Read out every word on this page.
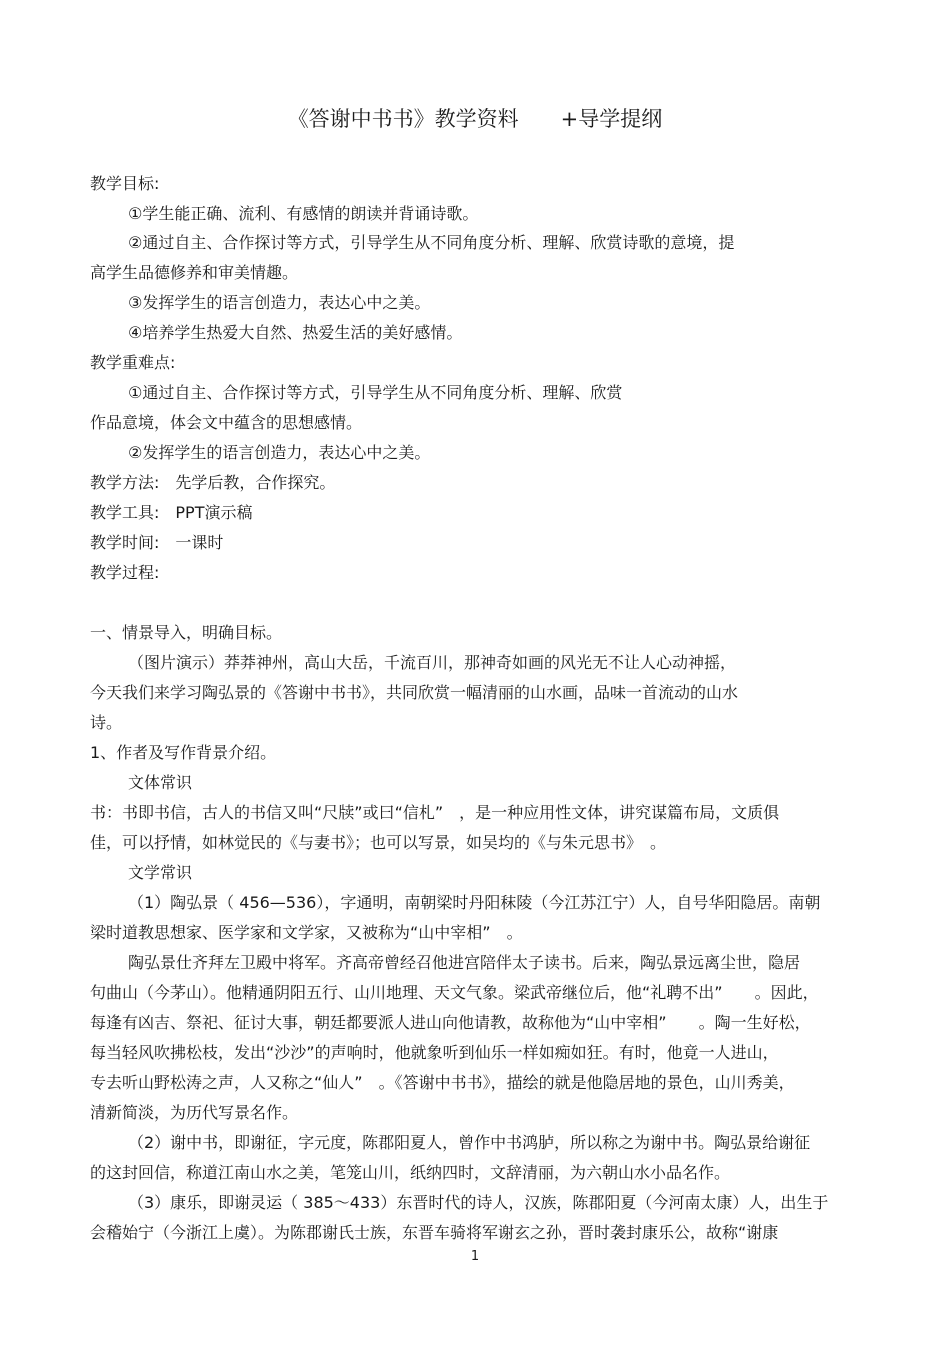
《答谢中书书》教学资料　　+导学提纲
教学目标:
①学生能正确、流利、有感情的朗读并背诵诗歌。
②通过自主、合作探讨等方式，引导学生从不同角度分析、理解、欣赏诗歌的意境，提
高学生品德修养和审美情趣。
③发挥学生的语言创造力，表达心中之美。
④培养学生热爱大自然、热爱生活的美好感情。
教学重难点:
①通过自主、合作探讨等方式，引导学生从不同角度分析、理解、欣赏
作品意境，体会文中蕴含的思想感情。
②发挥学生的语言创造力，表达心中之美。
教学方法:　先学后教，合作探究。
教学工具:　PPT演示稿
教学时间:　一课时
教学过程:
一、情景导入，明确目标。
（图片演示）莽莽神州，高山大岳，千流百川，那神奇如画的风光无不让人心动神摇，
今天我们来学习陶弘景的《答谢中书书》，共同欣赏一幅清丽的山水画，品味一首流动的山水
诗。
1、作者及写作背景介绍。
文体常识
书：书即书信，古人的书信又叫“尺牍”或曰“信札”　，是一种应用性文体，讲究谋篇布局，文质俱
佳，可以抒情，如林觉民的《与妻书》；也可以写景，如吴均的《与朱元思书》　。
文学常识
（1）陶弘景（ 456—536），字通明，南朝梁时丹阳秣陵（今江苏江宁）人，自号华阳隐居。南朝
梁时道教思想家、医学家和文学家，又被称为“山中宰相”　。
陶弘景仕齐拜左卫殿中将军。齐高帝曾经召他进宫陪伴太子读书。后来，陶弘景远离尘世，隐居
句曲山（今茅山）。他精通阴阳五行、山川地理、天文气象。梁武帝继位后，他“礼聘不出”　　。因此，
每逢有凶吉、祭祀、征讨大事，朝廷都要派人进山向他请教，故称他为“山中宰相”　　。陶一生好松，
每当轻风吹拂松枝，发出“沙沙”的声响时，他就象听到仙乐一样如痴如狂。有时，他竟一人进山，
专去听山野松涛之声，人又称之“仙人”　。《答谢中书书》，描绘的就是他隐居地的景色，山川秀美，
清新简淡，为历代写景名作。
（2）谢中书，即谢征，字元度，陈郡阳夏人，曾作中书鸿胪，所以称之为谢中书。陶弘景给谢征
的这封回信，称道江南山水之美，笔笼山川，纸纳四时，文辞清丽，为六朝山水小品名作。
（3）康乐，即谢灵运（ 385～433）东晋时代的诗人，汉族，陈郡阳夏（今河南太康）人，出生于
会稽始宁（今浙江上虞）。为陈郡谢氏士族，东晋车骑将军谢玄之孙，晋时袭封康乐公，故称“谢康
1
